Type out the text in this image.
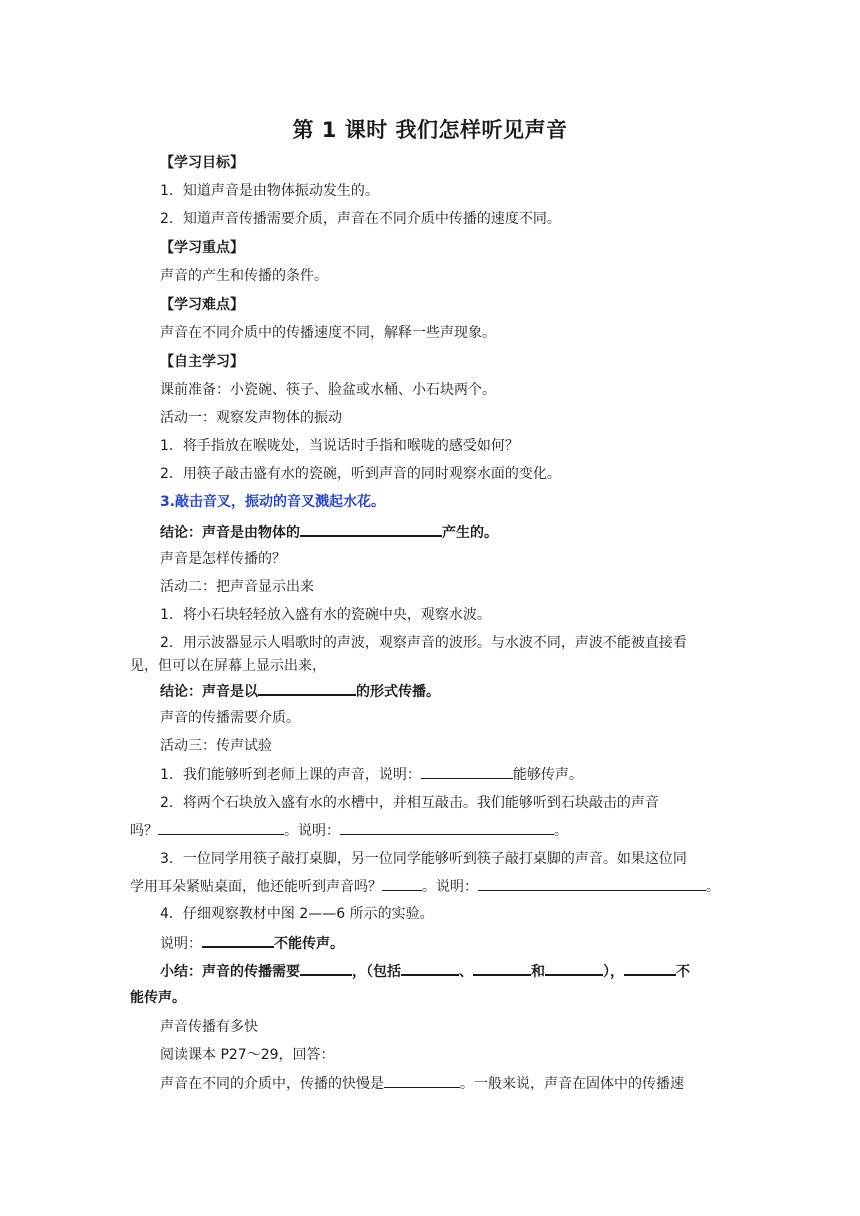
第 1 课时 我们怎样听见声音
【学习目标】
1．知道声音是由物体振动发生的。
2．知道声音传播需要介质，声音在不同介质中传播的速度不同。
【学习重点】
声音的产生和传播的条件。
【学习难点】
声音在不同介质中的传播速度不同，解释一些声现象。
【自主学习】
课前准备：小瓷碗、筷子、脸盆或水桶、小石块两个。
活动一：观察发声物体的振动
1．将手指放在喉咙处，当说话时手指和喉咙的感受如何？
2．用筷子敲击盛有水的瓷碗，听到声音的同时观察水面的变化。
3.敲击音叉，振动的音叉溅起水花。
结论：声音是由物体的	产生的。
声音是怎样传播的？
活动二：把声音显示出来
1．将小石块轻轻放入盛有水的瓷碗中央，观察水波。
2．用示波器显示人唱歌时的声波，观察声音的波形。与水波不同，声波不能被直接看
见，但可以在屏幕上显示出来，
结论：声音是以	的形式传播。
声音的传播需要介质。
活动三：传声试验
1．我们能够听到老师上课的声音，说明：	能够传声。
2．将两个石块放入盛有水的水槽中，并相互敲击。我们能够听到石块敲击的声音
吗？	。说明：	。
3．一位同学用筷子敲打桌脚，另一位同学能够听到筷子敲打桌脚的声音。如果这位同
学用耳朵紧贴桌面，他还能听到声音吗？	。说明：	。
4．仔细观察教材中图 2——6 所示的实验。
说明：	不能传声。
小结：声音的传播需要	，（包括	、	和	），	不
能传声。
声音传播有多快
阅读课本 P27～29，回答：
声音在不同的介质中，传播的快慢是	。一般来说，声音在固体中的传播速
